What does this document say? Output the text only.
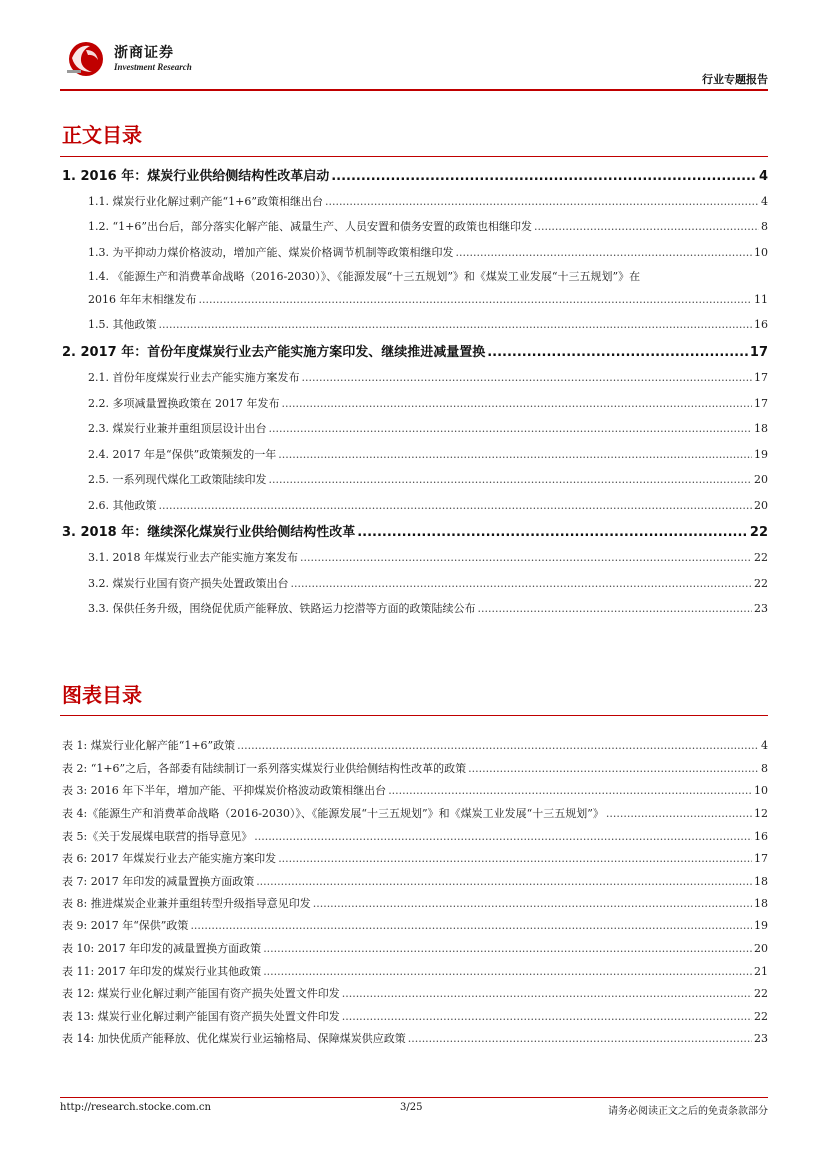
浙商证券
Investment Research
行业专题报告
正文目录
1. 2016 年：煤炭行业供给侧结构性改革启动 .....	4
1.1. 煤炭行业化解过剩产能“1+6”政策相继出台 .....	4
1.2. “1+6”出台后，部分落实化解产能、减量生产、人员安置和债务安置的政策也相继印发 .....	8
1.3. 为平抑动力煤价格波动，增加产能、煤炭价格调节机制等政策相继印发 .....	10
1.4. 《能源生产和消费革命战略（2016-2030）》、《能源发展“十三五规划”》和《煤炭工业发展“十三五规划”》在
2016 年年末相继发布 .....	11
1.5. 其他政策 .....	16
2. 2017 年：首份年度煤炭行业去产能实施方案印发、继续推进减量置换 .....	17
2.1. 首份年度煤炭行业去产能实施方案发布 .....	17
2.2. 多项减量置换政策在 2017 年发布 .....	17
2.3. 煤炭行业兼并重组顶层设计出台 .....	18
2.4. 2017 年是“保供”政策频发的一年 .....	19
2.5. 一系列现代煤化工政策陆续印发 .....	20
2.6. 其他政策 .....	20
3. 2018 年：继续深化煤炭行业供给侧结构性改革 .....	22
3.1. 2018 年煤炭行业去产能实施方案发布 .....	22
3.2. 煤炭行业国有资产损失处置政策出台 .....	22
3.3. 保供任务升级，围绕促优质产能释放、铁路运力挖潜等方面的政策陆续公布 .....	23
图表目录
表 1: 煤炭行业化解产能“1+6”政策 .....	4
表 2: “1+6”之后，各部委有陆续制订一系列落实煤炭行业供给侧结构性改革的政策 .....	8
表 3: 2016 年下半年，增加产能、平抑煤炭价格波动政策相继出台 .....	10
表 4:《能源生产和消费革命战略（2016-2030）》、《能源发展“十三五规划”》和《煤炭工业发展“十三五规划”》 .....	12
表 5:《关于发展煤电联营的指导意见》 .....	16
表 6: 2017 年煤炭行业去产能实施方案印发 .....	17
表 7: 2017 年印发的减量置换方面政策 .....	18
表 8: 推进煤炭企业兼并重组转型升级指导意见印发 .....	18
表 9: 2017 年“保供”政策 .....	19
表 10: 2017 年印发的减量置换方面政策 .....	20
表 11: 2017 年印发的煤炭行业其他政策 .....	21
表 12: 煤炭行业化解过剩产能国有资产损失处置文件印发 .....	22
表 13: 煤炭行业化解过剩产能国有资产损失处置文件印发 .....	22
表 14: 加快优质产能释放、优化煤炭行业运输格局、保障煤炭供应政策 .....	23
http://research.stocke.com.cn	3/25	请务必阅读正文之后的免责条款部分
